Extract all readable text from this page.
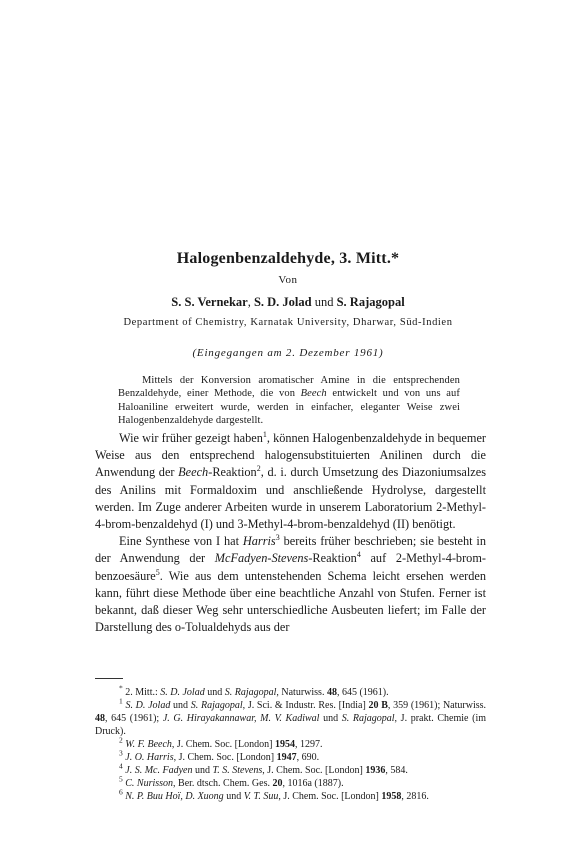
Halogenbenzaldehyde, 3. Mitt.*
Von
S. S. Vernekar, S. D. Jolad und S. Rajagopal
Department of Chemistry, Karnatak University, Dharwar, Süd-Indien
(Eingegangen am 2. Dezember 1961)

Mittels der Konversion aromatischer Amine in die entsprechenden Benzaldehyde, einer Methode, die von Beech entwickelt und von uns auf Haloaniline erweitert wurde, werden in einfacher, eleganter Weise zwei Halogenbenzaldehyde dargestellt.

Wie wir früher gezeigt haben$^1$, können Halogenbenzaldehyde in bequemer Weise aus den entsprechend halogensubstituierten Anilinen durch die Anwendung der Beech-Reaktion$^2$, d. i. durch Umsetzung des Diazoniumsalzes des Anilins mit Formaldoxim und anschließende Hydrolyse, dargestellt werden. Im Zuge anderer Arbeiten wurde in unserem Laboratorium 2-Methyl-4-brom-benzaldehyd (I) und 3-Methyl-4-brom-benzaldehyd (II) benötigt.

Eine Synthese von I hat Harris$^3$ bereits früher beschrieben; sie besteht in der Anwendung der McFadyen-Stevens-Reaktion$^4$ auf 2-Methyl-4-brom-benzoesäure$^5$. Wie aus dem untenstehenden Schema leicht ersehen werden kann, führt diese Methode über eine beachtliche Anzahl von Stufen. Ferner ist bekannt, daß dieser Weg sehr unterschiedliche Ausbeuten liefert; im Falle der Darstellung des o-Tolualdehyds aus der

* 2. Mitt.: S. D. Jolad und S. Rajagopal, Naturwiss. 48, 645 (1961).

$^1$ S. D. Jolad und S. Rajagopal, J. Sci. & Industr. Res. [India] 20 B, 359 (1961); Naturwiss. 48, 645 (1961); J. G. Hirayakannawar, M. V. Kadiwal und S. Rajagopal, J. prakt. Chemie (im Druck).

$^2$ W. F. Beech, J. Chem. Soc. [London] 1954, 1297.

$^3$ J. O. Harris, J. Chem. Soc. [London] 1947, 690.

$^4$ J. S. Mc. Fadyen und T. S. Stevens, J. Chem. Soc. [London] 1936, 584.

$^5$ C. Nurisson, Ber. dtsch. Chem. Ges. 20, 1016a (1887).

$^6$ N. P. Buu Hoï, D. Xuong und V. T. Suu, J. Chem. Soc. [London] 1958, 2816.
